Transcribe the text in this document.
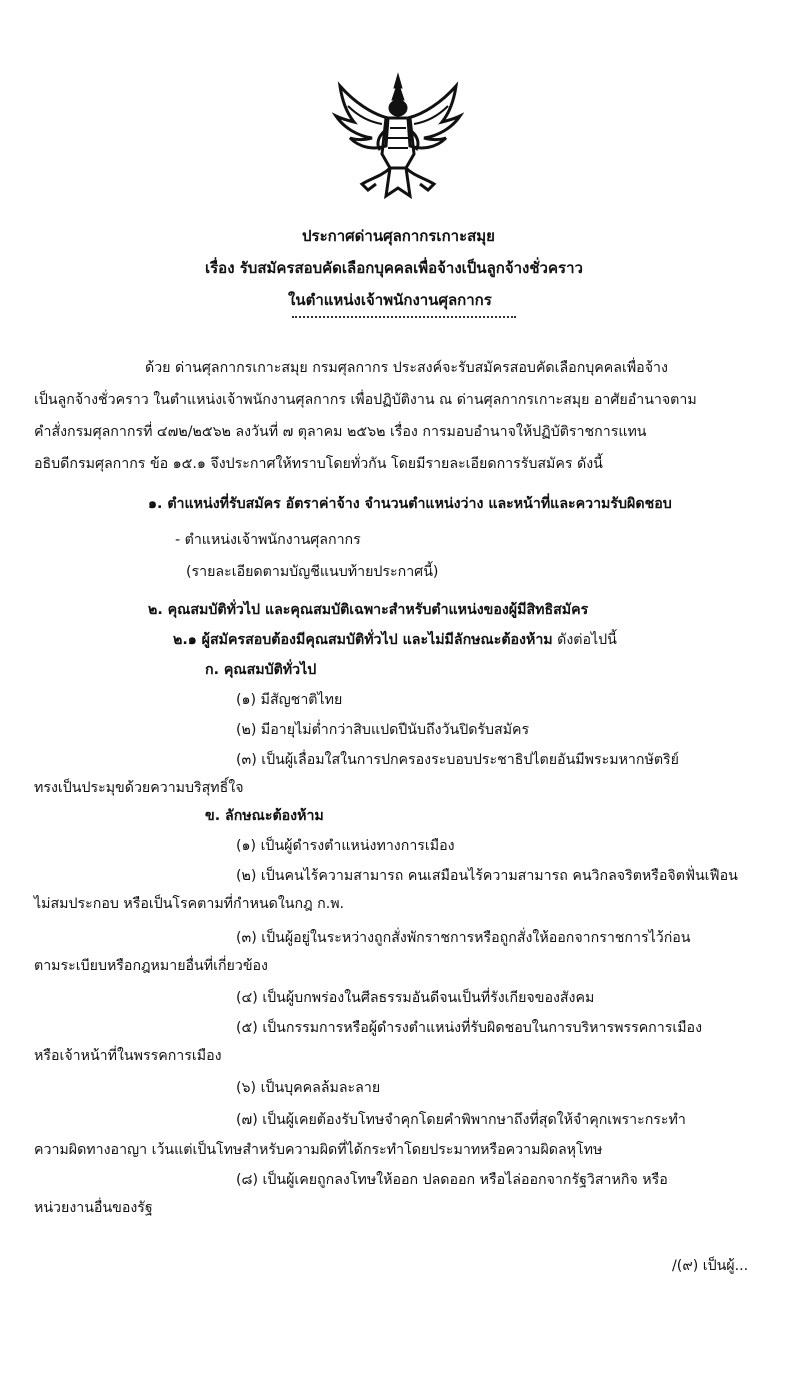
ประกาศด่านศุลกากรเกาะสมุย
เรื่อง รับสมัครสอบคัดเลือกบุคคลเพื่อจ้างเป็นลูกจ้างชั่วคราว
ในตำแหน่งเจ้าพนักงานศุลกากร
ด้วย ด่านศุลกากรเกาะสมุย กรมศุลกากร ประสงค์จะรับสมัครสอบคัดเลือกบุคคลเพื่อจ้าง
เป็นลูกจ้างชั่วคราว ในตำแหน่งเจ้าพนักงานศุลกากร เพื่อปฏิบัติงาน ณ ด่านศุลกากรเกาะสมุย อาศัยอำนาจตาม
คำสั่งกรมศุลกากรที่ ๔๗๒/๒๕๖๒ ลงวันที่ ๗ ตุลาคม ๒๕๖๒ เรื่อง การมอบอำนาจให้ปฏิบัติราชการแทน
อธิบดีกรมศุลกากร ข้อ ๑๕.๑ จึงประกาศให้ทราบโดยทั่วกัน โดยมีรายละเอียดการรับสมัคร ดังนี้
๑. ตำแหน่งที่รับสมัคร อัตราค่าจ้าง จำนวนตำแหน่งว่าง และหน้าที่และความรับผิดชอบ
- ตำแหน่งเจ้าพนักงานศุลกากร
(รายละเอียดตามบัญชีแนบท้ายประกาศนี้)
๒. คุณสมบัติทั่วไป และคุณสมบัติเฉพาะสำหรับตำแหน่งของผู้มีสิทธิสมัคร
๒.๑ ผู้สมัครสอบต้องมีคุณสมบัติทั่วไป และไม่มีลักษณะต้องห้าม ดังต่อไปนี้
ก. คุณสมบัติทั่วไป
(๑) มีสัญชาติไทย
(๒) มีอายุไม่ต่ำกว่าสิบแปดปีนับถึงวันปิดรับสมัคร
(๓) เป็นผู้เลื่อมใสในการปกครองระบอบประชาธิปไตยอันมีพระมหากษัตริย์
ทรงเป็นประมุขด้วยความบริสุทธิ์ใจ
ข. ลักษณะต้องห้าม
(๑) เป็นผู้ดำรงตำแหน่งทางการเมือง
(๒) เป็นคนไร้ความสามารถ คนเสมือนไร้ความสามารถ คนวิกลจริตหรือจิตฟั่นเฟือน
ไม่สมประกอบ หรือเป็นโรคตามที่กำหนดในกฎ ก.พ.
(๓) เป็นผู้อยู่ในระหว่างถูกสั่งพักราชการหรือถูกสั่งให้ออกจากราชการไว้ก่อน
ตามระเบียบหรือกฎหมายอื่นที่เกี่ยวข้อง
(๔) เป็นผู้บกพร่องในศีลธรรมอันดีจนเป็นที่รังเกียจของสังคม
(๕) เป็นกรรมการหรือผู้ดำรงตำแหน่งที่รับผิดชอบในการบริหารพรรคการเมือง
หรือเจ้าหน้าที่ในพรรคการเมือง
(๖) เป็นบุคคลล้มละลาย
(๗) เป็นผู้เคยต้องรับโทษจำคุกโดยคำพิพากษาถึงที่สุดให้จำคุกเพราะกระทำ
ความผิดทางอาญา เว้นแต่เป็นโทษสำหรับความผิดที่ได้กระทำโดยประมาทหรือความผิดลหุโทษ
(๘) เป็นผู้เคยถูกลงโทษให้ออก ปลดออก หรือไล่ออกจากรัฐวิสาหกิจ หรือ
หน่วยงานอื่นของรัฐ
/(๙) เป็นผู้...
